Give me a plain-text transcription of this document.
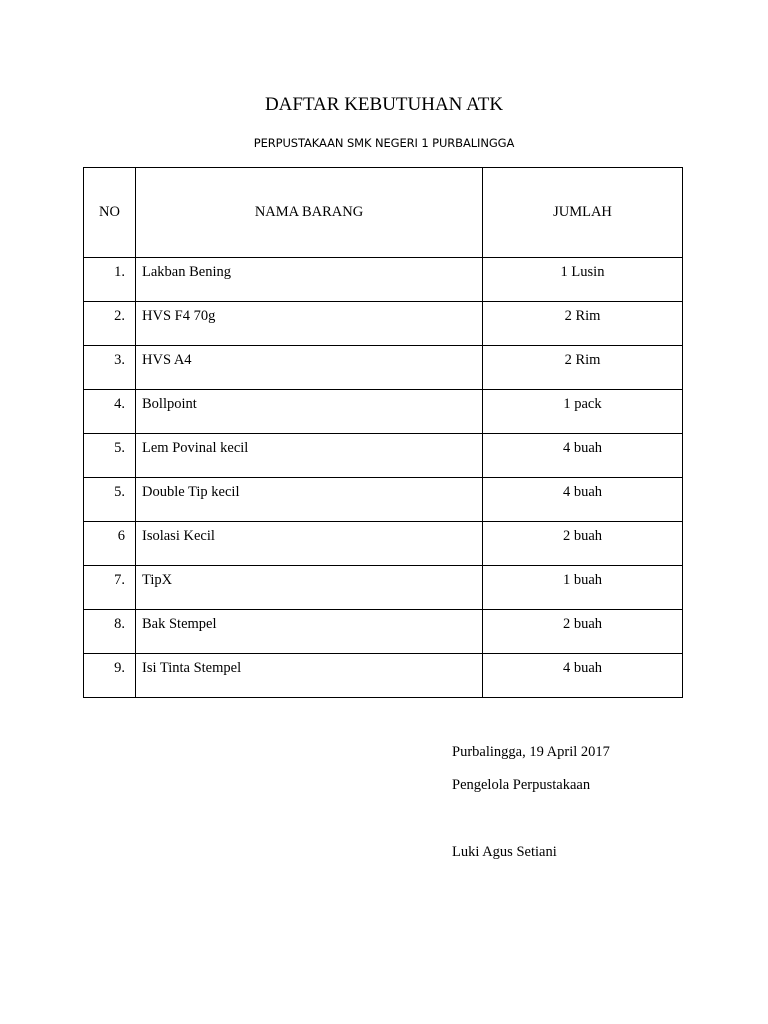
DAFTAR KEBUTUHAN ATK
PERPUSTAKAAN SMK NEGERI 1 PURBALINGGA
NO	NAMA BARANG	JUMLAH
1.	Lakban Bening	1 Lusin
2.	HVS F4 70g	2 Rim
3.	HVS A4	2 Rim
4.	Bollpoint	1 pack
5.	Lem Povinal kecil	4 buah
5.	Double Tip kecil	4 buah
6	Isolasi Kecil	2 buah
7.	TipX	1 buah
8.	Bak Stempel	2 buah
9.	Isi Tinta Stempel	4 buah
Purbalingga, 19 April 2017
Pengelola Perpustakaan
Luki Agus Setiani
